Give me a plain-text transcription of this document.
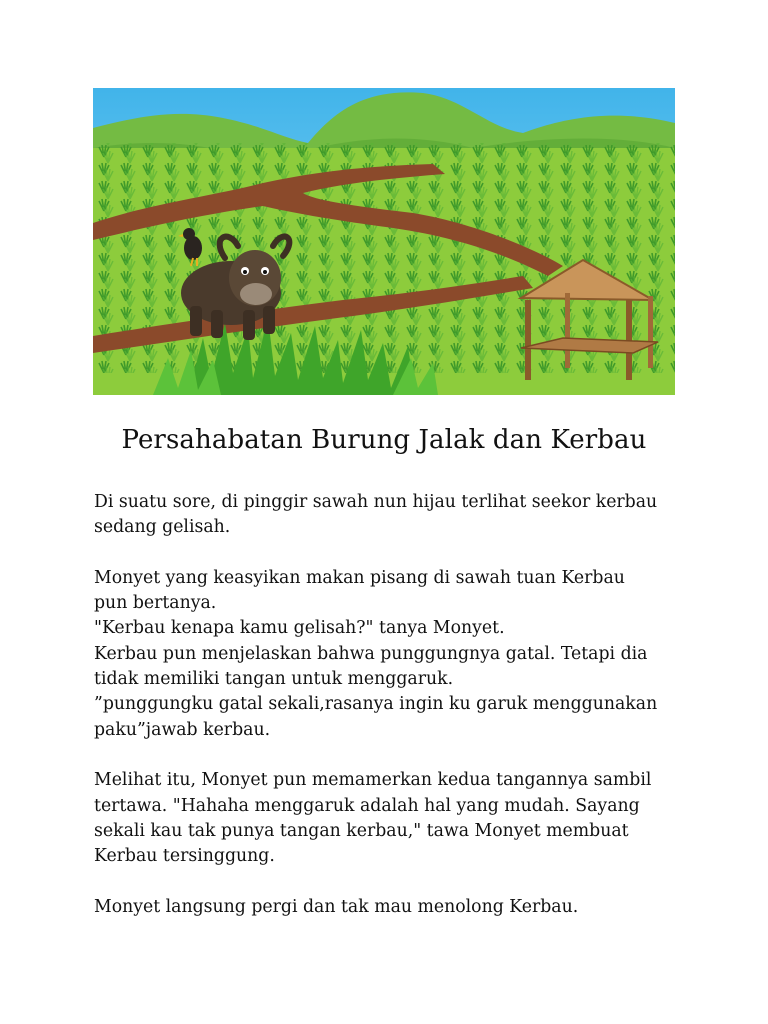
Persahabatan Burung Jalak dan Kerbau

Di suatu sore, di pinggir sawah nun hijau terlihat seekor kerbau
sedang gelisah.

Monyet yang keasyikan makan pisang di sawah tuan Kerbau
pun bertanya.
"Kerbau kenapa kamu gelisah?" tanya Monyet.
Kerbau pun menjelaskan bahwa punggungnya gatal. Tetapi dia
tidak memiliki tangan untuk menggaruk.
”punggungku gatal sekali,rasanya ingin ku garuk menggunakan
paku”jawab kerbau.

Melihat itu, Monyet pun memamerkan kedua tangannya sambil
tertawa. "Hahaha menggaruk adalah hal yang mudah. Sayang
sekali kau tak punya tangan kerbau," tawa Monyet membuat
Kerbau tersinggung.

Monyet langsung pergi dan tak mau menolong Kerbau.
